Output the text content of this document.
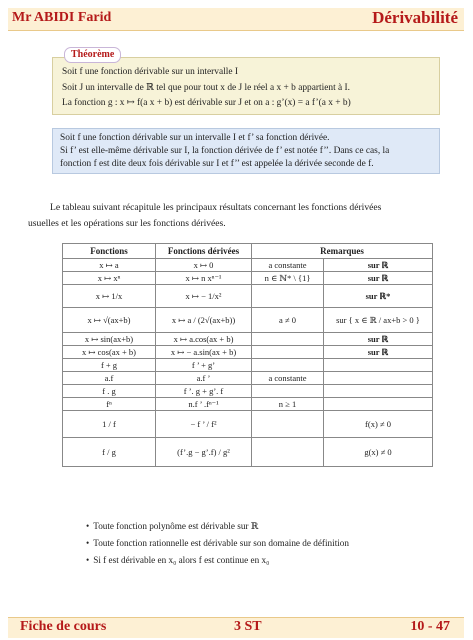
Mr ABIDI Farid	Dérivabilité
Théorème
Soit f une fonction dérivable sur un intervalle I
Soit J un intervalle de ℝ tel que pour tout x de J le réel a x + b appartient à I.
La fonction g : x ↦ f(a x + b) est dérivable sur J et on a : g’(x) = a f’(a x + b)
Soit f une fonction dérivable sur un intervalle I et f’ sa fonction dérivée.
Si f’ est elle-même dérivable sur I, la fonction dérivée de f’ est notée f’’. Dans ce cas, la
fonction f est dite deux fois dérivable sur I et f’’ est appelée la dérivée seconde de f.
Le tableau suivant récapitule les principaux résultats concernant les fonctions dérivées
usuelles et les opérations sur les fonctions dérivées.
Fonctions	Fonctions dérivées	Remarques	
x ↦ a	x ↦ 0	a constante	sur ℝ
x ↦ xⁿ	x ↦ n xⁿ⁻¹	n ∈ ℕ* \ {1}	sur ℝ
x ↦ 1/x	x ↦ − 1/x²		sur ℝ*
x ↦ √(ax+b)	x ↦ a / (2√(ax+b))	a ≠ 0	sur { x ∈ ℝ / ax+b > 0 }
x ↦ sin(ax+b)	x ↦ a.cos(ax + b)		sur ℝ
x ↦ cos(ax + b)	x ↦ − a.sin(ax + b)		sur ℝ
f + g	f ’ + g’		
a.f	a.f ’	a constante	
f . g	f ’. g + g’. f		
fⁿ	n.f ’ .fⁿ⁻¹	n ≥ 1	
1 / f	− f ’ / f²		f(x) ≠ 0
f / g	(f’.g − g’.f) / g²		g(x) ≠ 0
• Toute fonction polynôme est dérivable sur ℝ
• Toute fonction rationnelle est dérivable sur son domaine de définition
• Si f est dérivable en x₀ alors f est continue en x₀
Fiche de cours	3 ST	10 - 47
